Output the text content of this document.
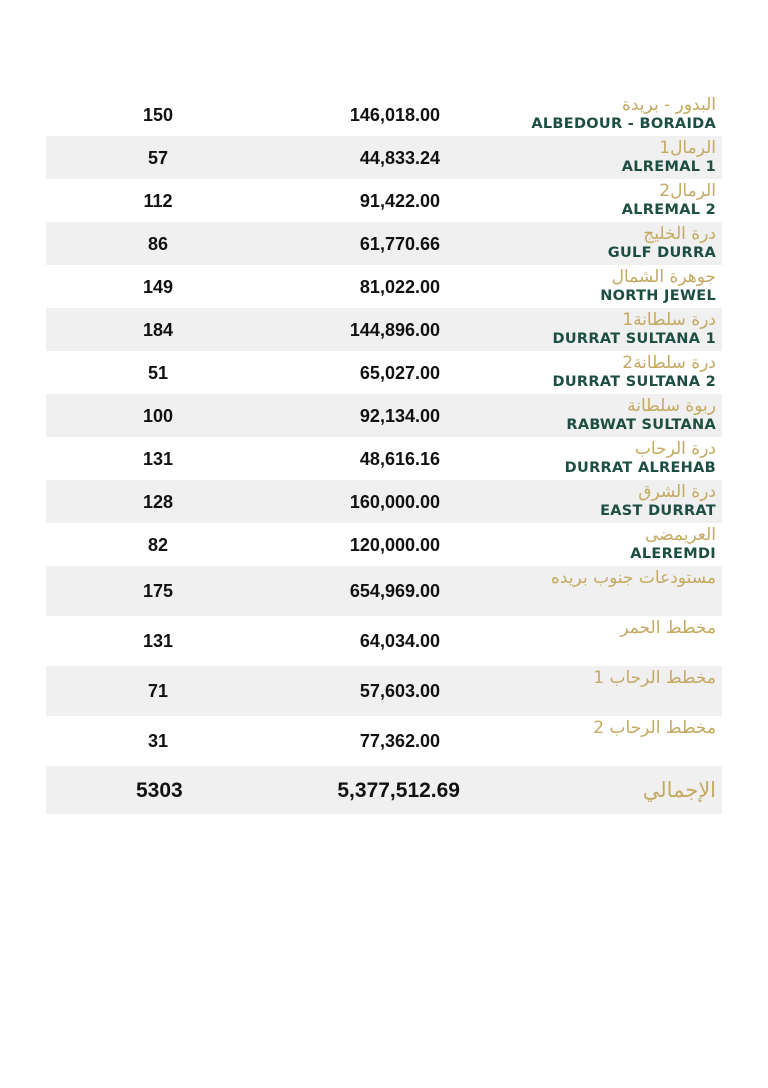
150	146,018.00	البدور - بريدة
ALBEDOUR - BORAIDA
57	44,833.24	الرمال1
ALREMAL 1
112	91,422.00	الرمال2
ALREMAL 2
86	61,770.66	درة الخليج
GULF DURRA
149	81,022.00	جوهرة الشمال
NORTH JEWEL
184	144,896.00	درة سلطانة1
DURRAT SULTANA 1
51	65,027.00	درة سلطانة2
DURRAT SULTANA 2
100	92,134.00	ربوة سلطانة
RABWAT SULTANA
131	48,616.16	درة الرحاب
DURRAT ALREHAB
128	160,000.00	درة الشرق
EAST DURRAT
82	120,000.00	العريمضى
ALEREMDI
175	654,969.00
مستودعات جنوب بريده
131	64,034.00
مخطط الحمر
71	57,603.00
مخطط الرحاب 1
31	77,362.00
مخطط الرحاب 2
5303	5,377,512.69	الإجمالي
